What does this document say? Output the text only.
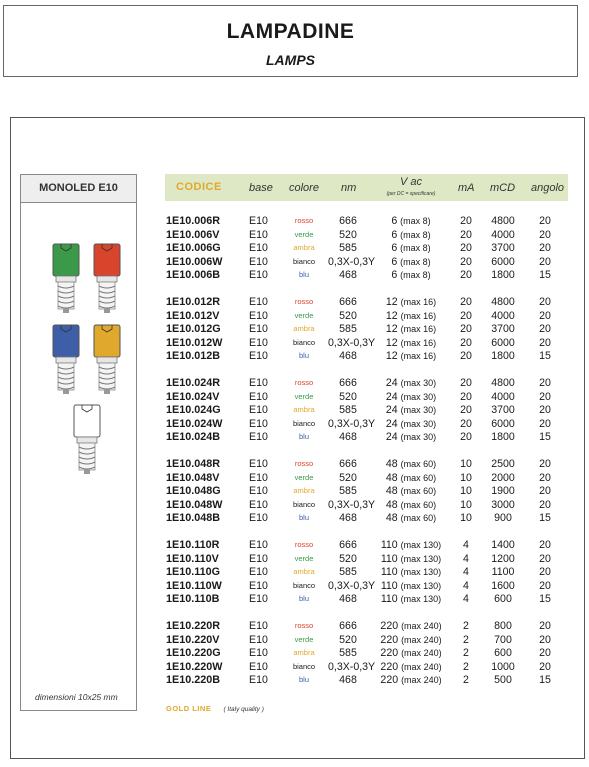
LAMPADINE
LAMPS
MONOLED E10
dimensioni 10x25 mm
CODICE base colore nm	V ac
(per DC = specificare)	mA mCD angolo
1E10.006R	E10	rosso	666	6 (max 8)	20	4800	20
1E10.006V	E10	verde	520	6 (max 8)	20	4000	20
1E10.006G	E10	ambra	585	6 (max 8)	20	3700	20
1E10.006W	E10	bianco	0,3X-0,3Y	6 (max 8)	20	6000	20
1E10.006B	E10	blu	468	6 (max 8)	20	1800	15
1E10.012R	E10	rosso	666	12 (max 16)	20	4800	20
1E10.012V	E10	verde	520	12 (max 16)	20	4000	20
1E10.012G	E10	ambra	585	12 (max 16)	20	3700	20
1E10.012W	E10	bianco	0,3X-0,3Y	12 (max 16)	20	6000	20
1E10.012B	E10	blu	468	12 (max 16)	20	1800	15
1E10.024R	E10	rosso	666	24 (max 30)	20	4800	20
1E10.024V	E10	verde	520	24 (max 30)	20	4000	20
1E10.024G	E10	ambra	585	24 (max 30)	20	3700	20
1E10.024W	E10	bianco	0,3X-0,3Y	24 (max 30)	20	6000	20
1E10.024B	E10	blu	468	24 (max 30)	20	1800	15
1E10.048R	E10	rosso	666	48 (max 60)	10	2500	20
1E10.048V	E10	verde	520	48 (max 60)	10	2000	20
1E10.048G	E10	ambra	585	48 (max 60)	10	1900	20
1E10.048W	E10	bianco	0,3X-0,3Y	48 (max 60)	10	3000	20
1E10.048B	E10	blu	468	48 (max 60)	10	900	15
1E10.110R	E10	rosso	666	110 (max 130)	4	1400	20
1E10.110V	E10	verde	520	110 (max 130)	4	1200	20
1E10.110G	E10	ambra	585	110 (max 130)	4	1100	20
1E10.110W	E10	bianco	0,3X-0,3Y 110 (max 130)	4	1600	20
1E10.110B	E10	blu	468	110 (max 130)	4	600	15
1E10.220R	E10	rosso	666	220 (max 240)	2	800	20
1E10.220V	E10	verde	520	220 (max 240)	2	700	20
1E10.220G	E10	ambra	585	220 (max 240)	2	600	20
1E10.220W	E10	bianco	0,3X-0,3Y 220 (max 240)	2	1000	20
1E10.220B	E10	blu	468	220 (max 240)	2	500	15
GOLD LINE ( Italy quality )
